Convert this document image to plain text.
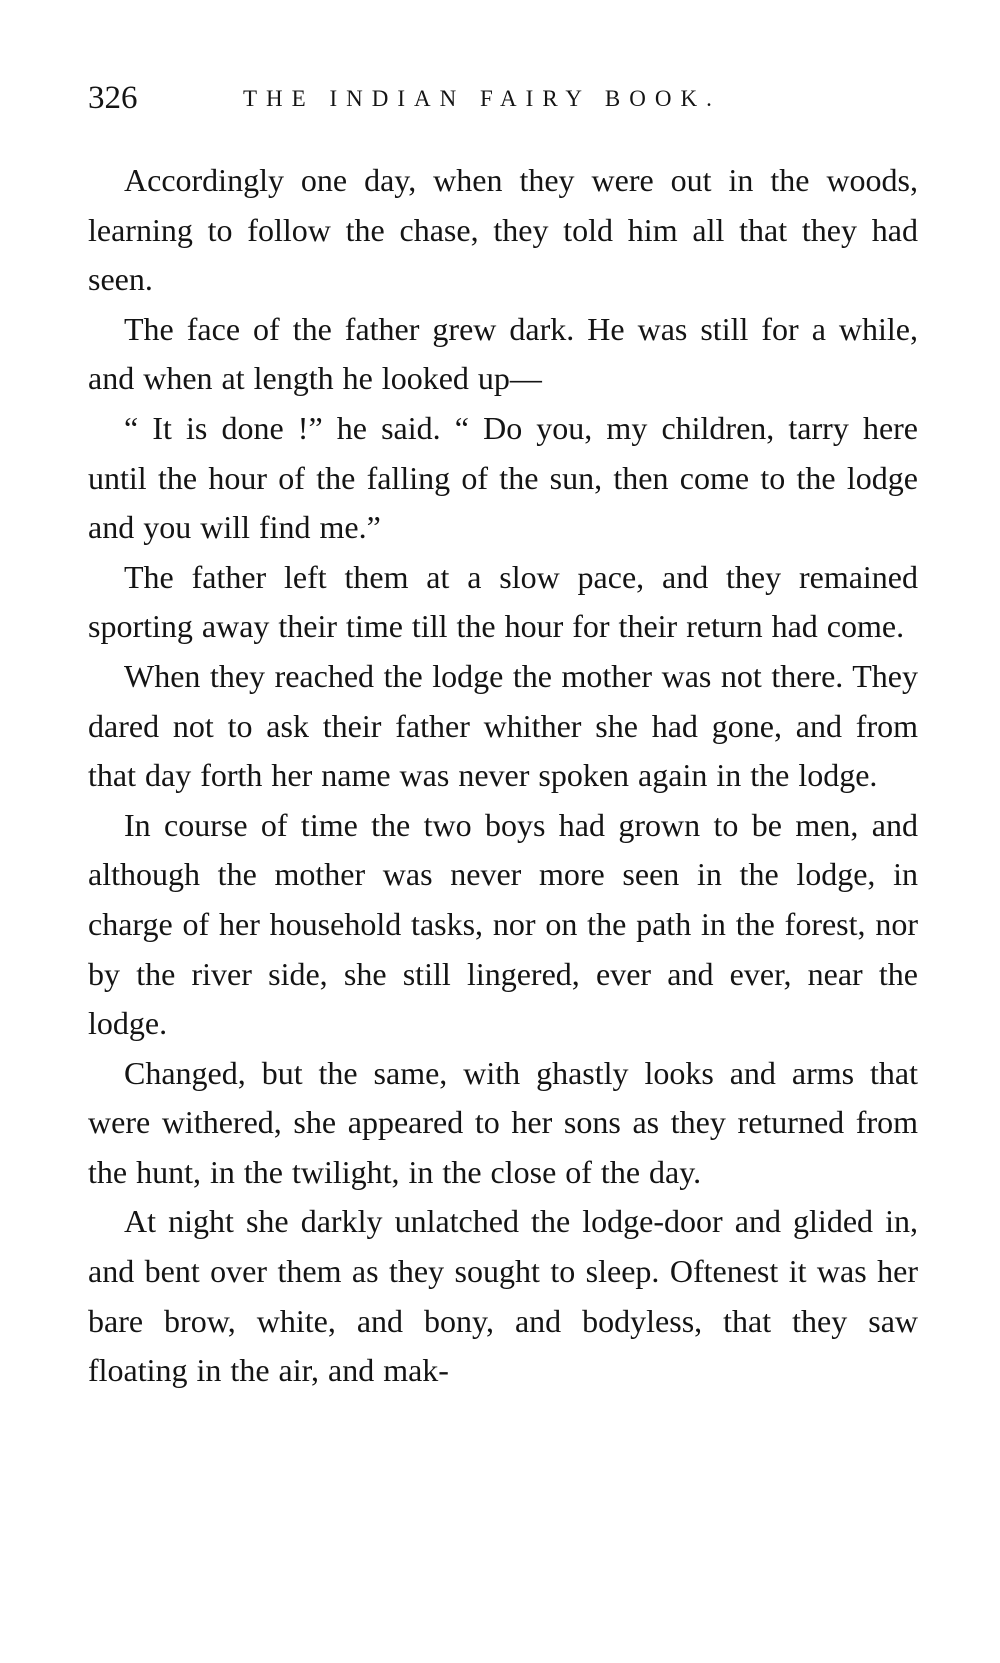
326	THE INDIAN FAIRY BOOK.

Accordingly one day, when they were out in the woods, learning to follow the chase, they told him all that they had seen.

The face of the father grew dark. He was still for a while, and when at length he looked up—

“ It is done !” he said. “ Do you, my children, tarry here until the hour of the falling of the sun, then come to the lodge and you will find me.”

The father left them at a slow pace, and they remained sporting away their time till the hour for their return had come.

When they reached the lodge the mother was not there. They dared not to ask their father whither she had gone, and from that day forth her name was never spoken again in the lodge.

In course of time the two boys had grown to be men, and although the mother was never more seen in the lodge, in charge of her household tasks, nor on the path in the forest, nor by the river side, she still lingered, ever and ever, near the lodge.

Changed, but the same, with ghastly looks and arms that were withered, she appeared to her sons as they returned from the hunt, in the twilight, in the close of the day.

At night she darkly unlatched the lodge-door and glided in, and bent over them as they sought to sleep. Oftenest it was her bare brow, white, and bony, and bodyless, that they saw floating in the air, and mak-
